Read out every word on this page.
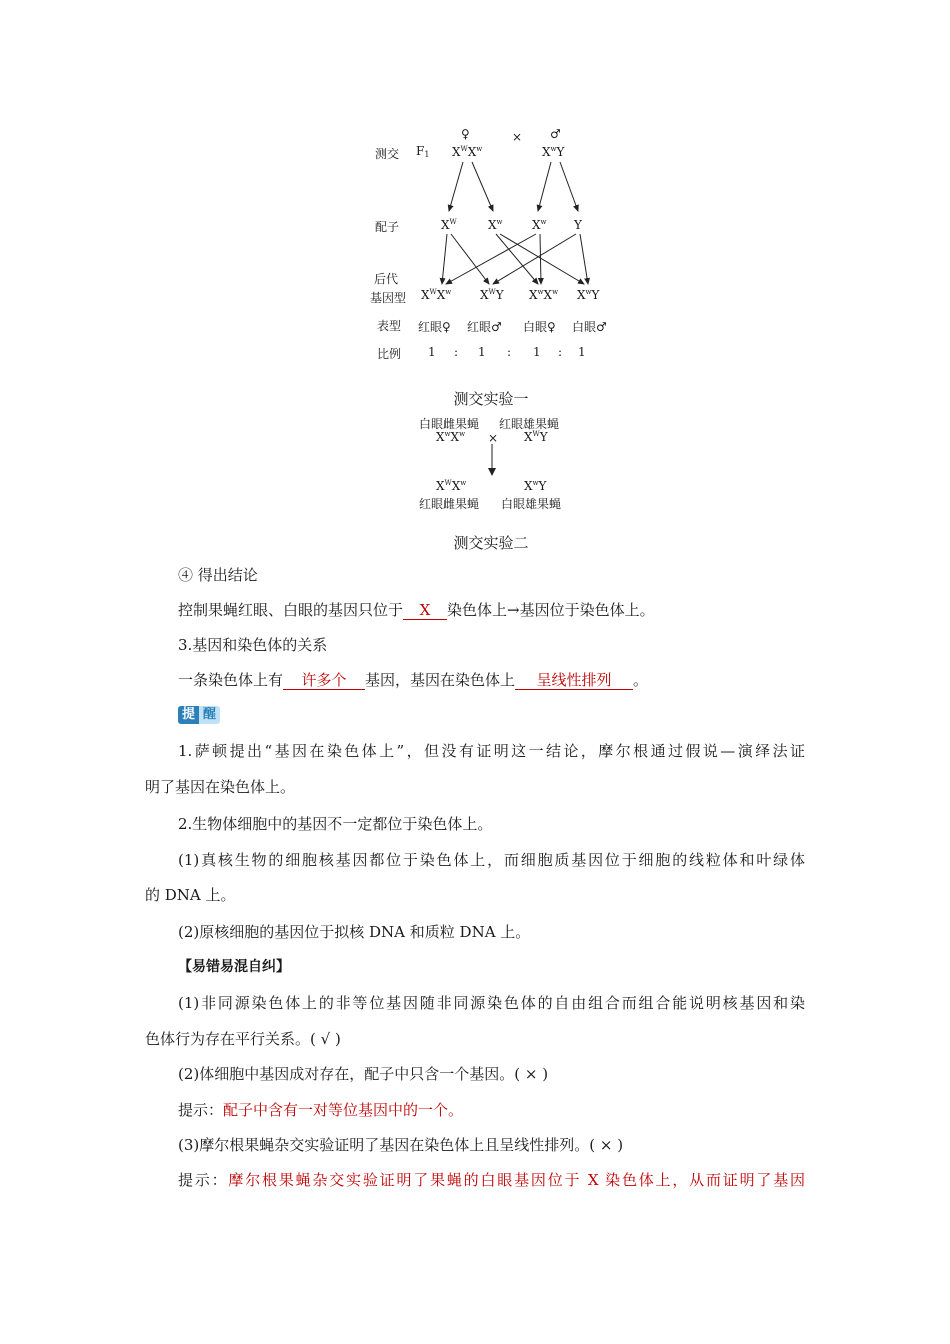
♀	× ♂
测交 F1 $X^WX^w$	$X^wY$
配子	$X^W$	$X^w$ $X^w$ Y
后代
基因型 $X^WX^w$ $X^WY$ $X^wX^w$ $X^wY$
表型 红眼♀ 红眼♂ 白眼♀ 白眼♂
比例 1 : 1 : 1 : 1
测交实验一
白眼雌果蝇 红眼雄果蝇
$X^wX^w \times X^WY$
$X^WX^w$	$X^wY$
红眼雌果蝇 白眼雄果蝇
测交实验二
④ 得出结论
控制果蝇红眼、白眼的基因只位于 X 染色体上→基因位于染色体上。
3.基因和染色体的关系
一条染色体上有 许多个 基因，基因在染色体上 呈线性排列 。
提 醒
1.萨顿提出“基因在染色体上”，但没有证明这一结论，摩尔根通过假说—演绎法证
明了基因在染色体上。
2.生物体细胞中的基因不一定都位于染色体上。
(1)真核生物的细胞核基因都位于染色体上，而细胞质基因位于细胞的线粒体和叶绿体
的 DNA 上。
(2)原核细胞的基因位于拟核 DNA 和质粒 DNA 上。
【易错易混自纠】
(1)非同源染色体上的非等位基因随非同源染色体的自由组合而组合能说明核基因和染
色体行为存在平行关系。( √ )
(2)体细胞中基因成对存在，配子中只含一个基因。( × )
提示：配子中含有一对等位基因中的一个。
(3)摩尔根果蝇杂交实验证明了基因在染色体上且呈线性排列。( × )
提示：摩尔根果蝇杂交实验证明了果蝇的白眼基因位于 X 染色体上，从而证明了基因
